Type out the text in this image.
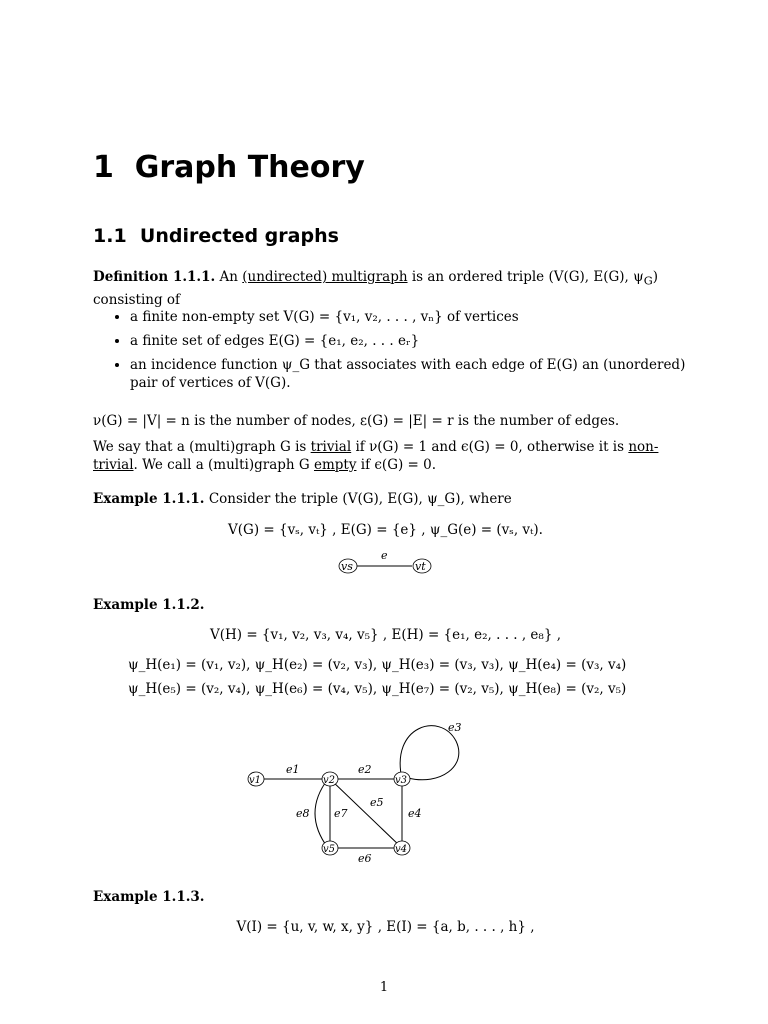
1 Graph Theory
1.1 Undirected graphs
Definition 1.1.1. An (undirected) multigraph is an ordered triple (V(G), E(G), $\psi_G$)
consisting of
• a finite non-empty set V(G) = {v₁, v₂, . . . , vₙ} of vertices
• a finite set of edges E(G) = {e₁, e₂, . . . eᵣ}
• an incidence function ψ_G that associates with each edge of E(G) an (unordered) pair of vertices of V(G).
ν(G) = |V| = n is the number of nodes, ε(G) = |E| = r is the number of edges.
We say that a (multi)graph G is trivial if ν(G) = 1 and ϵ(G) = 0, otherwise it is non-
trivial. We call a (multi)graph G empty if ϵ(G) = 0.
Example 1.1.1. Consider the triple (V(G), E(G), ψ_G), where
V(G) = {vₛ, vₜ} , E(G) = {e} , ψ_G(e) = (vₛ, vₜ).
vs	vt
e
Example 1.1.2.
V(H) = {v₁, v₂, v₃, v₄, v₅} , E(H) = {e₁, e₂, . . . , e₈} ,
ψ_H(e₁) = (v₁, v₂), ψ_H(e₂) = (v₂, v₃), ψ_H(e₃) = (v₃, v₃), ψ_H(e₄) = (v₃, v₄)
ψ_H(e₅) = (v₂, v₄), ψ_H(e₆) = (v₄, v₅), ψ_H(e₇) = (v₂, v₅), ψ_H(e₈) = (v₂, v₅)
v1	v2	v3
v4
v5
e1	e2
e3
e4
e5
e6
e7
e8
Example 1.1.3.
V(I) = {u, v, w, x, y} , E(I) = {a, b, . . . , h} ,
1
